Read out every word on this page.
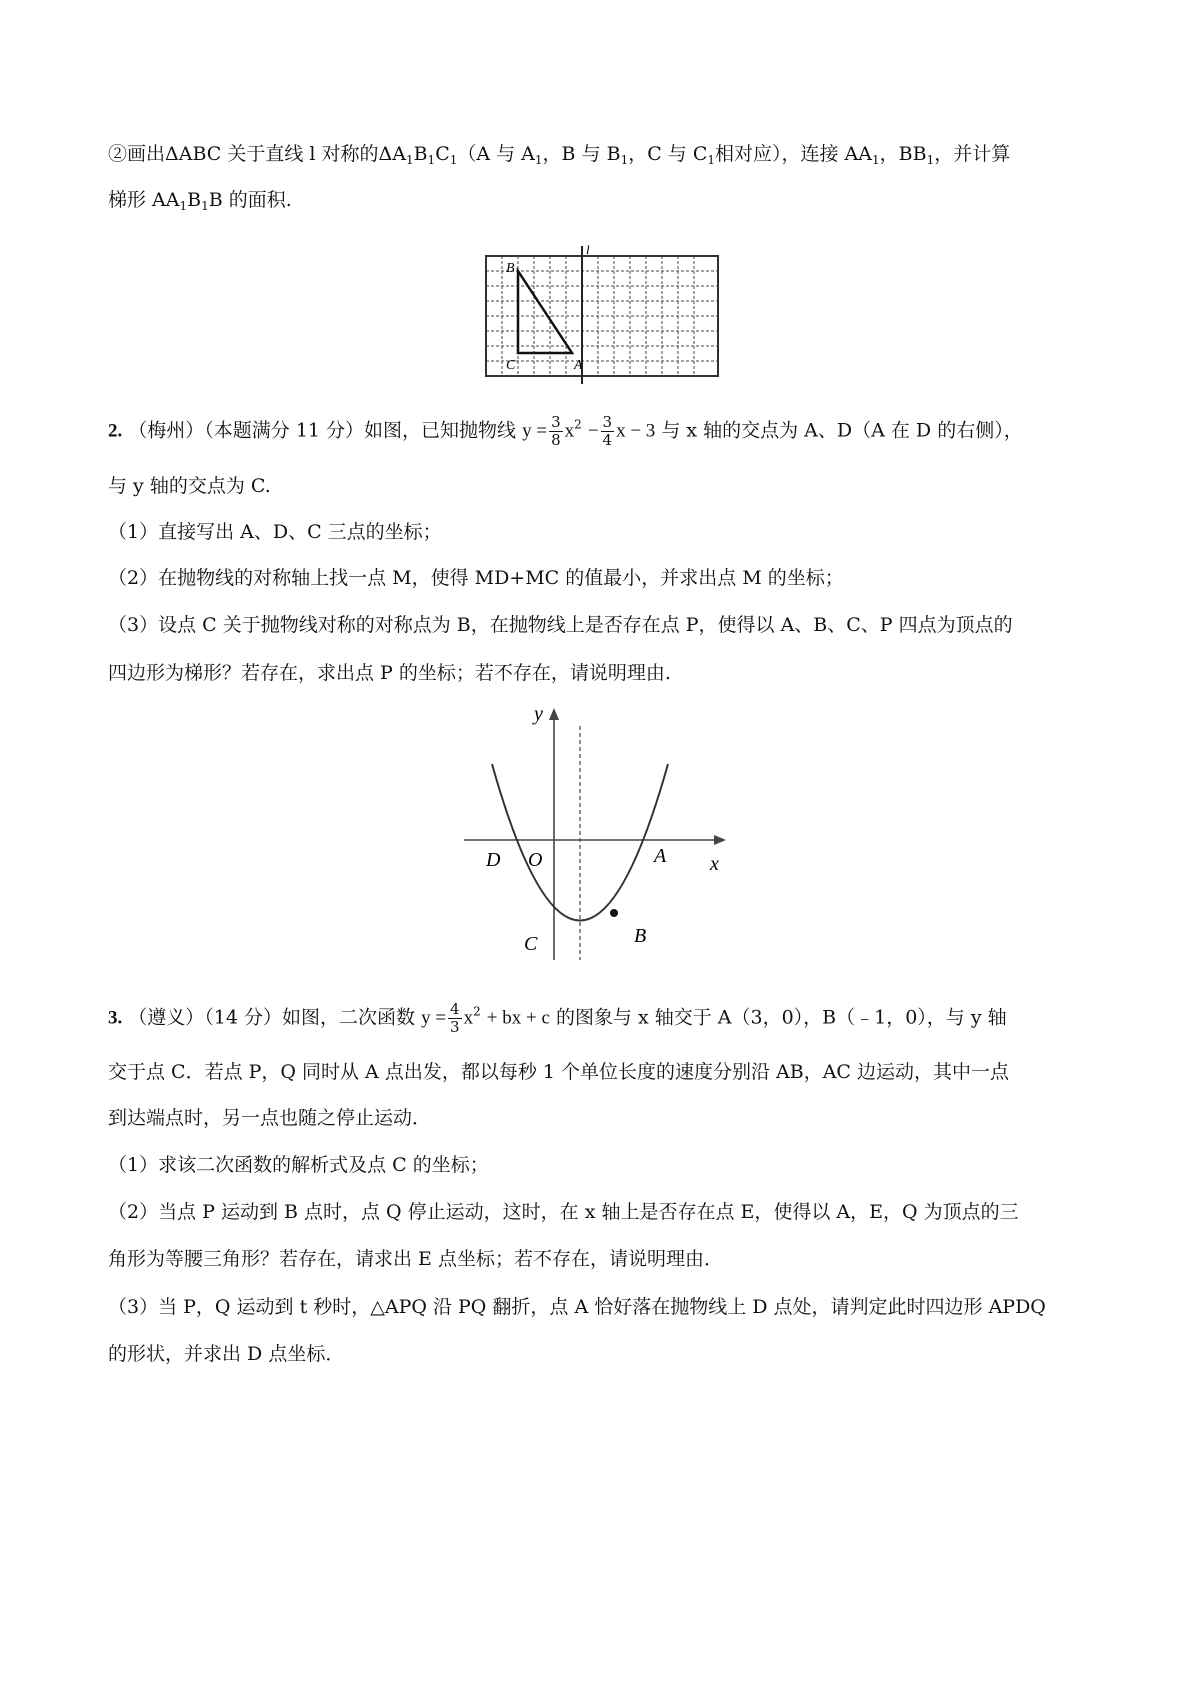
②画出ΔABC 关于直线 l 对称的$\Delta A_1B_1C_1(A$ 与 $A_1$，B 与 $B_1$，C 与 $C_1$相对应），连接 $AA_1$，$BB_1$，并计算
梯形 $AA_1B_1B$ 的面积.
l
B
C	A
2. （梅州）（本题满分 11 分）如图，已知抛物线 $y = \frac{3}{8} x^2 - \frac{3}{4}$ x − 3 与 x 轴的交点为 A、D（A 在 D 的右侧），
与 y 轴的交点为 C.
（1）直接写出 A、D、C 三点的坐标；
（2）在抛物线的对称轴上找一点 M，使得 MD+MC 的值最小，并求出点 M 的坐标；
（3）设点 C 关于抛物线对称的对称点为 B，在抛物线上是否存在点 P，使得以 A、B、C、P 四点为顶点的
四边形为梯形？若存在，求出点 P 的坐标；若不存在，请说明理由.
y
x
D O	A
C	B
3. （遵义）（14 分）如图，二次函数 $y = \frac{4}{3} x^2$ + bx + c 的图象与 x 轴交于 A（3，0），B（﹣1，0），与 y 轴
交于点 C．若点 P，Q 同时从 A 点出发，都以每秒 1 个单位长度的速度分别沿 AB，AC 边运动，其中一点
到达端点时，另一点也随之停止运动．
（1）求该二次函数的解析式及点 C 的坐标；
（2）当点 P 运动到 B 点时，点 Q 停止运动，这时，在 x 轴上是否存在点 E，使得以 A，E，Q 为顶点的三
角形为等腰三角形？若存在，请求出 E 点坐标；若不存在，请说明理由．
（3）当 P，Q 运动到 t 秒时，△APQ 沿 PQ 翻折，点 A 恰好落在抛物线上 D 点处，请判定此时四边形 APDQ
的形状，并求出 D 点坐标．
